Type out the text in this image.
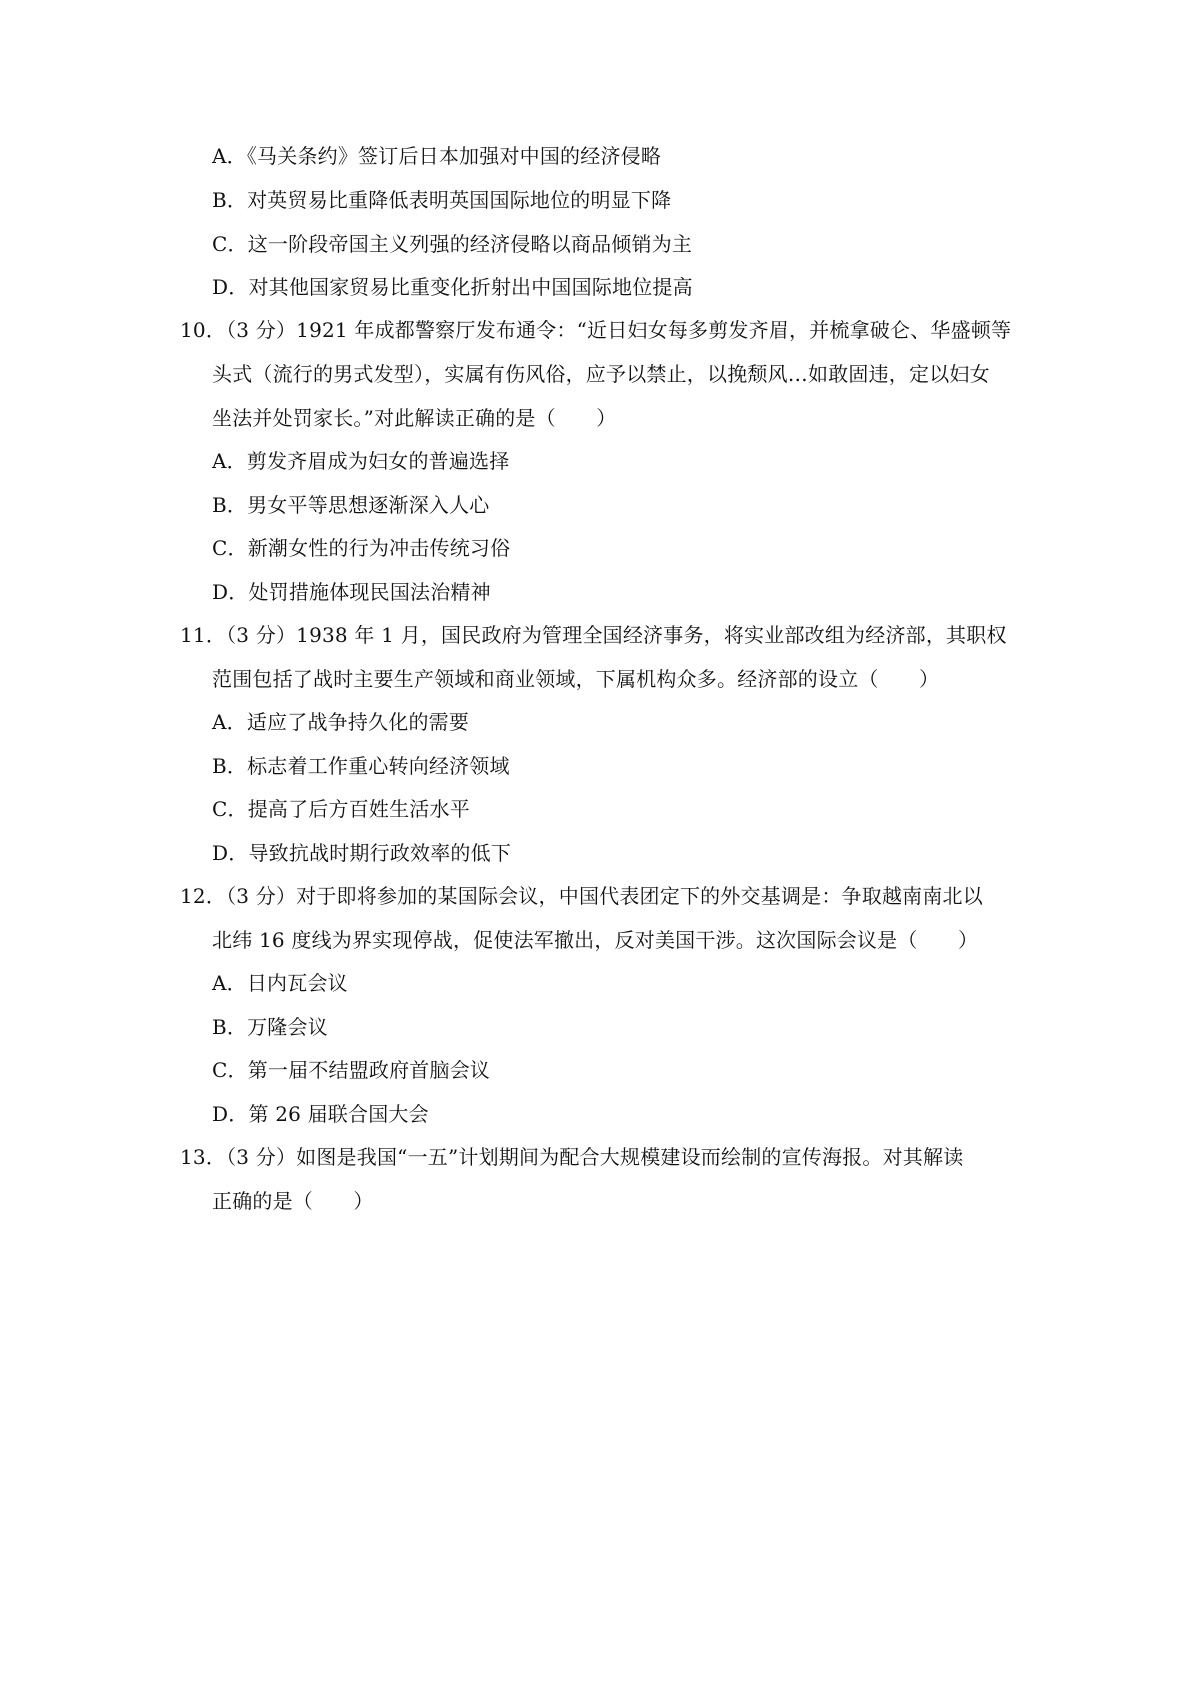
A．《马关条约》签订后日本加强对中国的经济侵略
B．对英贸易比重降低表明英国国际地位的明显下降
C．这一阶段帝国主义列强的经济侵略以商品倾销为主
D．对其他国家贸易比重变化折射出中国国际地位提高
10．（3 分）1921 年成都警察厅发布通令：“近日妇女每多剪发齐眉，并梳拿破仑、华盛顿等
头式（流行的男式发型），实属有伤风俗，应予以禁止，以挽颓风…如敢固违，定以妇女
坐法并处罚家长。”对此解读正确的是（　　）
A．剪发齐眉成为妇女的普遍选择
B．男女平等思想逐渐深入人心
C．新潮女性的行为冲击传统习俗
D．处罚措施体现民国法治精神
11．（3 分）1938 年 1 月，国民政府为管理全国经济事务，将实业部改组为经济部，其职权
范围包括了战时主要生产领域和商业领域，下属机构众多。经济部的设立（　　）
A．适应了战争持久化的需要
B．标志着工作重心转向经济领域
C．提高了后方百姓生活水平
D．导致抗战时期行政效率的低下
12．（3 分）对于即将参加的某国际会议，中国代表团定下的外交基调是：争取越南南北以
北纬 16 度线为界实现停战，促使法军撤出，反对美国干涉。这次国际会议是（　　）
A．日内瓦会议
B．万隆会议
C．第一届不结盟政府首脑会议
D．第 26 届联合国大会
13．（3 分）如图是我国“一五”计划期间为配合大规模建设而绘制的宣传海报。对其解读
正确的是（　　）
